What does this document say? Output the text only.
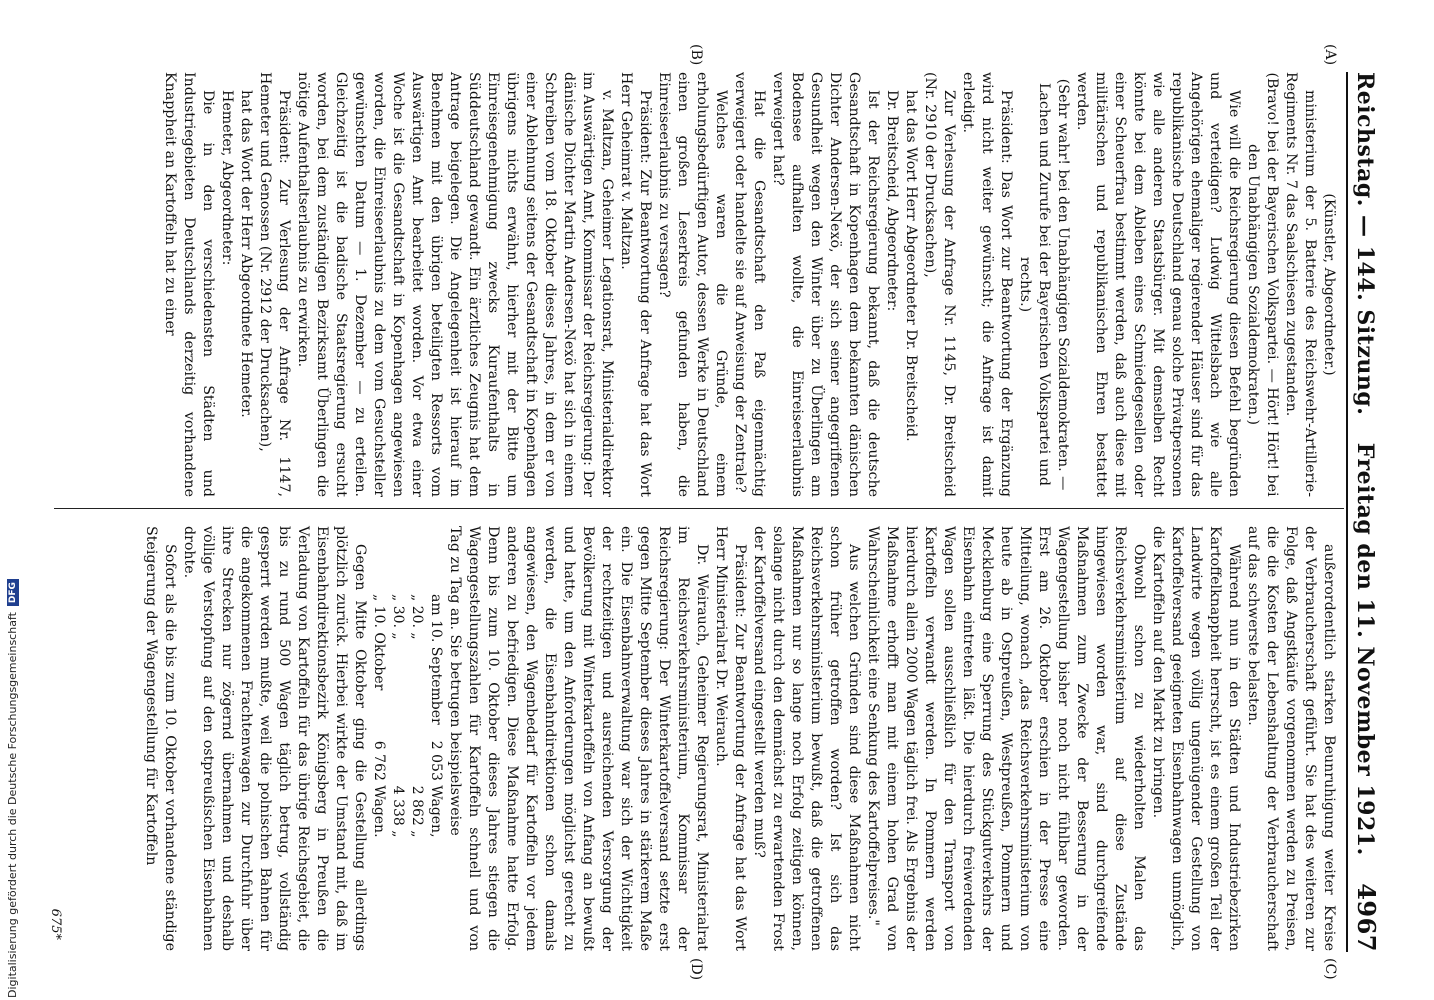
Reichstag. — 144. Sitzung.
Freitag den 11. November 1921.
4967
(A)
(B)
(C)
(D)

(Künstler, Abgeordneter.)

ministerium der 5. Batterie des Reichswehr-Artillerie-Regiments Nr. 7 das Saalschiesen zugestanden.

(Bravo! bei der Bayerischen Volkspartei. — Hört! Hört! bei den Unabhängigen Sozialdemokraten.)

Wie will die Reichsregierung diesen Befehl begründen und verteidigen? Ludwig Wittelsbach wie alle Angehörigen ehemaliger regierender Häuser sind für das republikanische Deutschland genau solche Privatpersonen wie alle anderen Staatsbürger. Mit demselben Recht könnte bei dem Ableben eines Schmiedegesellen oder einer Scheuerfrau bestimmt werden, daß auch diese mit militärischen und republikanischen Ehren bestattet werden.

(Sehr wahr! bei den Unabhängigen Sozialdemokraten. — Lachen und Zurufe bei der Bayerischen Volkspartei und rechts.)

Präsident: Das Wort zur Beantwortung der Ergänzung wird nicht weiter gewünscht; die Anfrage ist damit erledigt.

Zur Verlesung der Anfrage Nr. 1145, Dr. Breitscheid (Nr. 2910 der Drucksachen),

hat das Wort Herr Abgeordneter Dr. Breitscheid.

Dr. Breitscheid, Abgeordneter:

Ist der Reichsregierung bekannt, daß die deutsche Gesandtschaft in Kopenhagen dem bekannten dänischen Dichter Andersen-Nexö, der sich seiner angegriffenen Gesundheit wegen den Winter über zu Überlingen am Bodensee aufhalten wollte, die Einreiseerlaubnis verweigert hat?

Hat die Gesandtschaft den Paß eigenmächtig verweigert oder handelte sie auf Anweisung der Zentrale?

Welches waren die Gründe, einem erholungsbedürftigen Autor, dessen Werke in Deutschland einen großen Leserkreis gefunden haben, die Einreiseerlaubnis zu versagen?

Präsident: Zur Beantwortung der Anfrage hat das Wort Herr Geheimrat v. Maltzan.

v. Maltzan, Geheimer Legationsrat, Ministerialdirektor im Auswärtigen Amt, Kommissar der Reichsregierung: Der dänische Dichter Martin Andersen-Nexö hat sich in einem Schreiben vom 18. Oktober dieses Jahres, in dem er von einer Ablehnung seitens der Gesandtschaft in Kopenhagen übrigens nichts erwähnt, hierher mit der Bitte um Einreisegenehmigung zwecks Kuraufenthalts in Süddeutschland gewandt. Ein ärztliches Zeugnis hat dem Antrage beigelegen. Die Angelegenheit ist hierauf im Benehmen mit den übrigen beteiligten Ressorts vom Auswärtigen Amt bearbeitet worden. Vor etwa einer Woche ist die Gesandtschaft in Kopenhagen angewiesen worden, die Einreiseerlaubnis zu dem vom Gesuchsteller gewünschten Datum — 1. Dezember — zu erteilen. Gleichzeitig ist die badische Staatsregierung ersucht worden, bei dem zuständigen Bezirksamt Überlingen die nötige Aufenthaltserlaubnis zu erwirken.

Präsident: Zur Verlesung der Anfrage Nr. 1147, Hemeter und Genossen (Nr. 2912 der Drucksachen),

hat das Wort der Herr Abgeordnete Hemeter.

Hemeter, Abgeordneter:

Die in den verschiedensten Städten und Industriegebieten Deutschlands derzeitig vorhandene Knappheit an Kartoffeln hat zu einer

außerordentlich starken Beunruhigung weiter Kreise der Verbraucherschaft geführt. Sie hat des weiteren zur Folge, daß Angstkäufe vorgenommen werden zu Preisen, die die Kosten der Lebenshaltung der Verbraucherschaft auf das schwerste belasten.

Während nun in den Städten und Industriebezirken Kartoffelknappheit herrscht, ist es einem großen Teil der Landwirte wegen völlig ungenügender Gestellung von Kartoffelversand geeigneten Eisenbahnwagen unmöglich, die Kartoffeln auf den Markt zu bringen.

Obwohl schon zu wiederholten Malen das Reichsverkehrsministerium auf diese Zustände hingewiesen worden war, sind durchgreifende Maßnahmen zum Zwecke der Besserung in der Wagengestellung bisher noch nicht fühlbar geworden. Erst am 26. Oktober erschien in der Presse eine Mitteilung, wonach „das Reichsverkehrsministerium von heute ab in Ostpreußen, Westpreußen, Pommern und Mecklenburg eine Sperrung des Stückgutverkehrs der Eisenbahn eintreten läßt. Die hierdurch freiwerdenden Wagen sollen ausschließlich für den Transport von Kartoffeln verwandt werden. In Pommern werden hierdurch allein 2000 Wagen täglich frei. Als Ergebnis der Maßnahme erhofft man mit einem hohen Grad von Wahrscheinlichkeit eine Senkung des Kartoffelpreises."

Aus welchen Gründen sind diese Maßnahmen nicht schon früher getroffen worden? Ist sich das Reichsverkehrsministerium bewußt, daß die getroffenen Maßnahmen nur so lange noch Erfolg zeitigen können, solange nicht durch den demnächst zu erwartenden Frost der Kartoffelversand eingestellt werden muß?

Präsident: Zur Beantwortung der Anfrage hat das Wort Herr Ministerialrat Dr. Weirauch.

Dr. Weirauch, Geheimer Regierungsrat, Ministerialrat im Reichsverkehrsministerium, Kommissar der Reichsregierung: Der Winterkartoffelversand setzte erst gegen Mitte September dieses Jahres in stärkerem Maße ein. Die Eisenbahnverwaltung war sich der Wichtigkeit der rechtzeitigen und ausreichenden Versorgung der Bevölkerung mit Winterkartoffeln von Anfang an bewußt und hatte, um den Anforderungen möglichst gerecht zu werden, die Eisenbahndirektionen schon damals angewiesen, den Wagenbedarf für Kartoffeln vor jedem anderen zu befriedigen. Diese Maßnahme hatte Erfolg. Denn bis zum 10. Oktober dieses Jahres stiegen die Wagengestellungszahlen für Kartoffeln schnell und von Tag zu Tag an. Sie betrugen beispielsweise

am 10. September	2 053 Wagen,
„ 20. „	2 862 „
„ 30. „	4 338 „
„ 10. Oktober	6 762 Wagen.

Gegen Mitte Oktober ging die Gestellung allerdings plötzlich zurück. Hierbei wirkte der Umstand mit, daß im Eisenbahndirektionsbezirk Königsberg in Preußen die Verladung von Kartoffeln für das übrige Reichsgebiet, die bis zu rund 500 Wagen täglich betrug, vollständig gesperrt werden mußte, weil die polnischen Bahnen für die angekommenen Frachtenwagen zur Durchfuhr über ihre Strecken nur zögernd übernahmen und deshalb völlige Verstopfung auf den ostpreußischen Eisenbahnen drohte.

Sofort als die bis zum 10. Oktober vorhandene ständige Steigerung der Wagengestellung für Kartoffeln

675*
Digitalisierung gefördert durch die Deutsche Forschungsgemeinschaft
DFG
